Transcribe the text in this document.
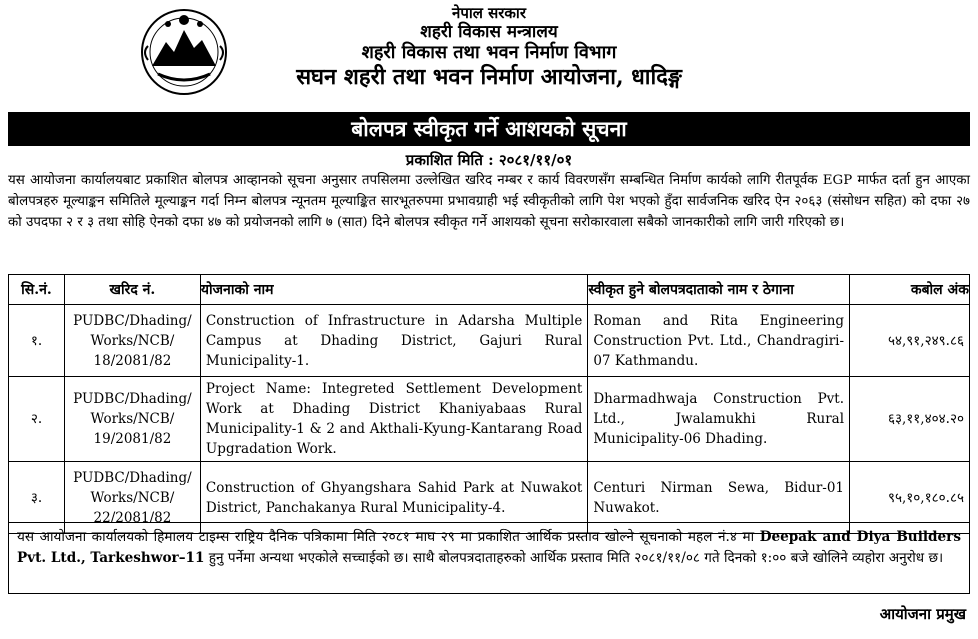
नेपाल सरकार
शहरी विकास मन्त्रालय
शहरी विकास तथा भवन निर्माण विभाग
सघन शहरी तथा भवन निर्माण आयोजना, धादिङ्ग
बोलपत्र स्वीकृत गर्ने आशयको सूचना
प्रकाशित मिति : २०८१/११/०१
यस आयोजना कार्यालयबाट प्रकाशित बोलपत्र आव्हानको सूचना अनुसार तपसिलमा उल्लेखित खरिद नम्बर र कार्य विवरणसँग सम्बन्धित निर्माण कार्यको लागि रीतपूर्वक EGP मार्फत दर्ता हुन आएका बोलपत्रहरु मूल्याङ्कन समितिले मूल्याङ्कन गर्दा निम्न बोलपत्र न्यूनतम मूल्याङ्कित सारभूतरुपमा प्रभावग्राही भई स्वीकृतीको लागि पेश भएको हुँदा सार्वजनिक खरिद ऐन २०६३ (संसोधन सहित) को दफा २७ को उपदफा २ र ३ तथा सोहि ऐनको दफा ४७ को प्रयोजनको लागि ७ (सात) दिने बोलपत्र स्वीकृत गर्ने आशयको सूचना सरोकारवाला सबैको जानकारीको लागि जारी गरिएको छ।
सि.नं.	खरिद नं.	योजनाको नाम	स्वीकृत हुने बोलपत्रदाताको नाम र ठेगाना	कबोल अंक
१.	PUDBC/Dhading/ Works/NCB/ 18/2081/82	Construction of Infrastructure in Adarsha Multiple Campus at Dhading District, Gajuri Rural Municipality-1.	Roman and Rita Engineering Construction Pvt. Ltd., Chandragiri-07 Kathmandu.	५४,९१,२४९.८६
२.	PUDBC/Dhading/ Works/NCB/ 19/2081/82	Project Name: Integreted Settlement Development Work at Dhading District Khaniyabaas Rural Municipality-1 & 2 and Akthali-Kyung-Kantarang Road Upgradation Work.	Dharmadhwaja Construction Pvt. Ltd., Jwalamukhi Rural Municipality-06 Dhading.	६३,११,४०४.२०
३.	PUDBC/Dhading/ Works/NCB/ 22/2081/82	Construction of Ghyangshara Sahid Park at Nuwakot District, Panchakanya Rural Municipality-4.	Centuri Nirman Sewa, Bidur-01 Nuwakot.	९५,१०,१८०.८५
यस आयोजना कार्यालयको हिमालय टाइम्स राष्ट्रिय दैनिक पत्रिकामा मिति २०८१ माघ २९ मा प्रकाशित आर्थिक प्रस्ताव खोल्ने सूचनाको महल नं.४ मा Deepak and Diya Builders Pvt. Ltd., Tarkeshwor–11 हुनु पर्नेमा अन्यथा भएकोले सच्चाईको छ। साथै बोलपत्रदाताहरुको आर्थिक प्रस्ताव मिति २०८१/११/०८ गते दिनको १:०० बजे खोलिने व्यहोरा अनुरोध छ।
आयोजना प्रमुख
